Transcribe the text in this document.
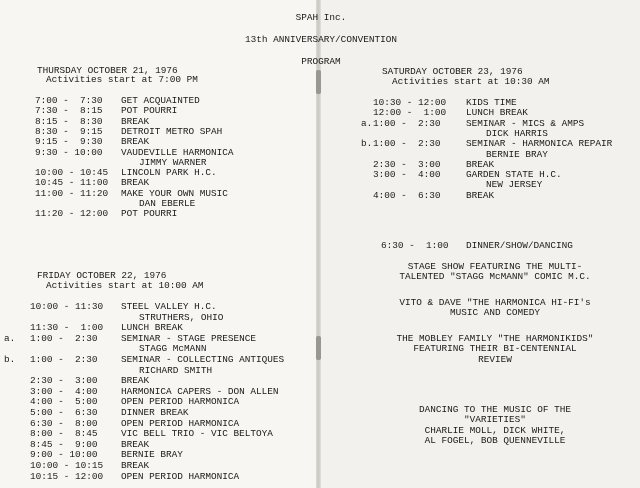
SPAH Inc.
13th ANNIVERSARY/CONVENTION
PROGRAM
THURSDAY OCTOBER 21, 1976
Activities start at 7:00 PM
7:00 -  7:30 GET ACQUAINTED
7:30 -  8:15 POT POURRI
8:15 -  8:30 BREAK
8:30 -  9:15 DETROIT METRO SPAH
9:15 -  9:30 BREAK
9:30 - 10:00 VAUDEVILLE HARMONICA
JIMMY WARNER
10:00 - 10:45 LINCOLN PARK H.C.
10:45 - 11:00 BREAK
11:00 - 11:20 MAKE YOUR OWN MUSIC
DAN EBERLE
11:20 - 12:00 POT POURRI
FRIDAY OCTOBER 22, 1976
Activities start at 10:00 AM
10:00 - 11:30 STEEL VALLEY H.C.
STRUTHERS, OHIO
11:30 -  1:00 LUNCH BREAK
a. 1:00 -  2:30 SEMINAR - STAGE PRESENCE
STAGG McMANN
b. 1:00 -  2:30 SEMINAR - COLLECTING ANTIQUES
RICHARD SMITH
2:30 -  3:00 BREAK
3:00 -  4:00 HARMONICA CAPERS - DON ALLEN
4:00 -  5:00 OPEN PERIOD HARMONICA
5:00 -  6:30 DINNER BREAK
6:30 -  8:00 OPEN PERIOD HARMONICA
8:00 -  8:45 VIC BELL TRIO - VIC BELTOYA
8:45 -  9:00 BREAK
9:00 - 10:00 BERNIE BRAY
10:00 - 10:15 BREAK
10:15 - 12:00 OPEN PERIOD HARMONICA
SATURDAY OCTOBER 23, 1976
Activities start at 10:30 AM
10:30 - 12:00 KIDS TIME
12:00 -  1:00 LUNCH BREAK
a. 1:00 -  2:30	SEMINAR - MICS & AMPS
DICK HARRIS
b. 1:00 -  2:30	SEMINAR - HARMONICA REPAIR
BERNIE BRAY
2:30 -  3:00	BREAK
3:00 -  4:00	GARDEN STATE H.C.
NEW JERSEY
4:00 -  6:30	BREAK
6:30 -  1:00 DINNER/SHOW/DANCING
STAGE SHOW FEATURING THE MULTI-
TALENTED "STAGG McMANN" COMIC M.C.
VITO & DAVE "THE HARMONICA HI-FI's
MUSIC AND COMEDY
THE MOBLEY FAMILY "THE HARMONIKIDS"
FEATURING THEIR BI-CENTENNIAL
REVIEW
DANCING TO THE MUSIC OF THE
"VARIETIES"
CHARLIE MOLL, DICK WHITE,
AL FOGEL, BOB QUENNEVILLE
